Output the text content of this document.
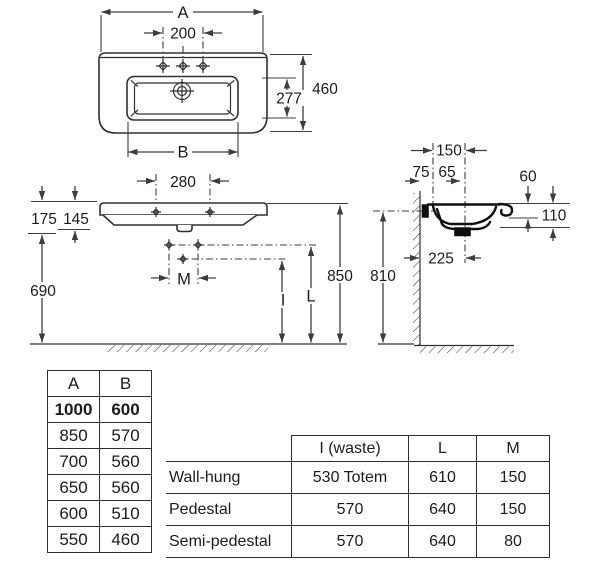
A
200
460
277
B
280
175 145
690
M
I L
850
150
75 65	60
110
225
810
A	B
1000	600
850	570
700	560
650	560
600	510
550	460
	I (waste)	L	M
Wall-hung	530 Totem	610	150
Pedestal	570	640	150
Semi-pedestal	570	640	80
